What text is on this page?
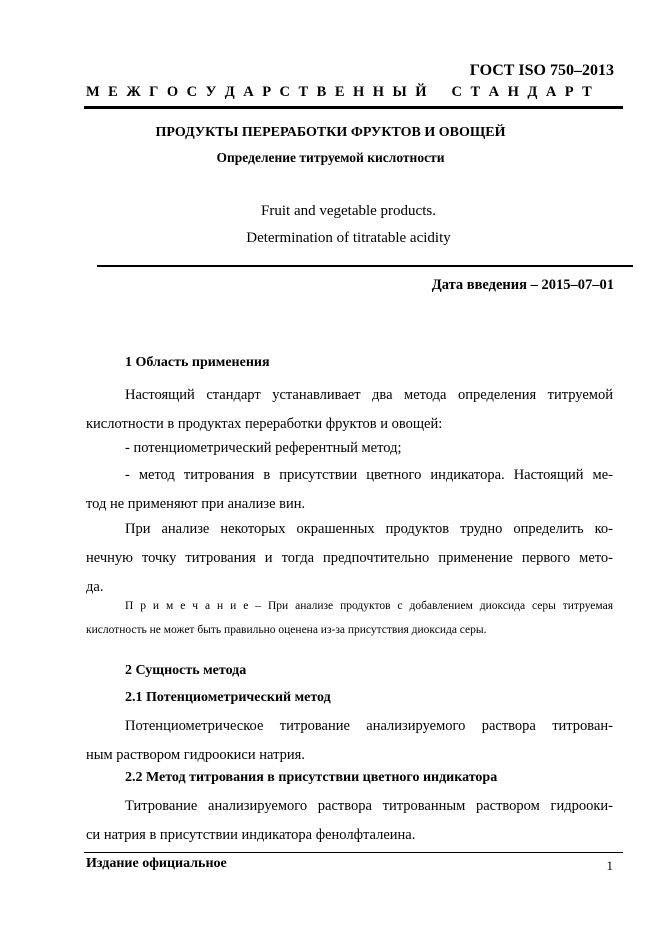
ГОСТ ISO 750–2013
М Е Ж Г О С У Д А Р С Т В Е Н Н Ы Й С Т А Н Д А Р Т
ПРОДУКТЫ ПЕРЕРАБОТКИ ФРУКТОВ И ОВОЩЕЙ
Определение титруемой кислотности
Fruit and vegetable products.
Determination of titratable acidity
Дата введения – 2015–07–01
1 Область применения
Настоящий стандарт устанавливает два метода определения титруемой
кислотности в продуктах переработки фруктов и овощей:
- потенциометрический референтный метод;
- метод титрования в присутствии цветного индикатора. Настоящий ме-
тод не применяют при анализе вин.
При анализе некоторых окрашенных продуктов трудно определить ко-
нечную точку титрования и тогда предпочтительно применение первого мето-
да.
П р и м е ч а н и е – При анализе продуктов с добавлением диоксида серы титруемая
кислотность не может быть правильно оценена из-за присутствия диоксида серы.
2 Сущность метода
2.1 Потенциометрический метод
Потенциометрическое титрование анализируемого раствора титрован-
ным раствором гидроокиси натрия.
2.2 Метод титрования в присутствии цветного индикатора
Титрование анализируемого раствора титрованным раствором гидрооки-
си натрия в присутствии индикатора фенолфталеина.
Издание официальное	1
